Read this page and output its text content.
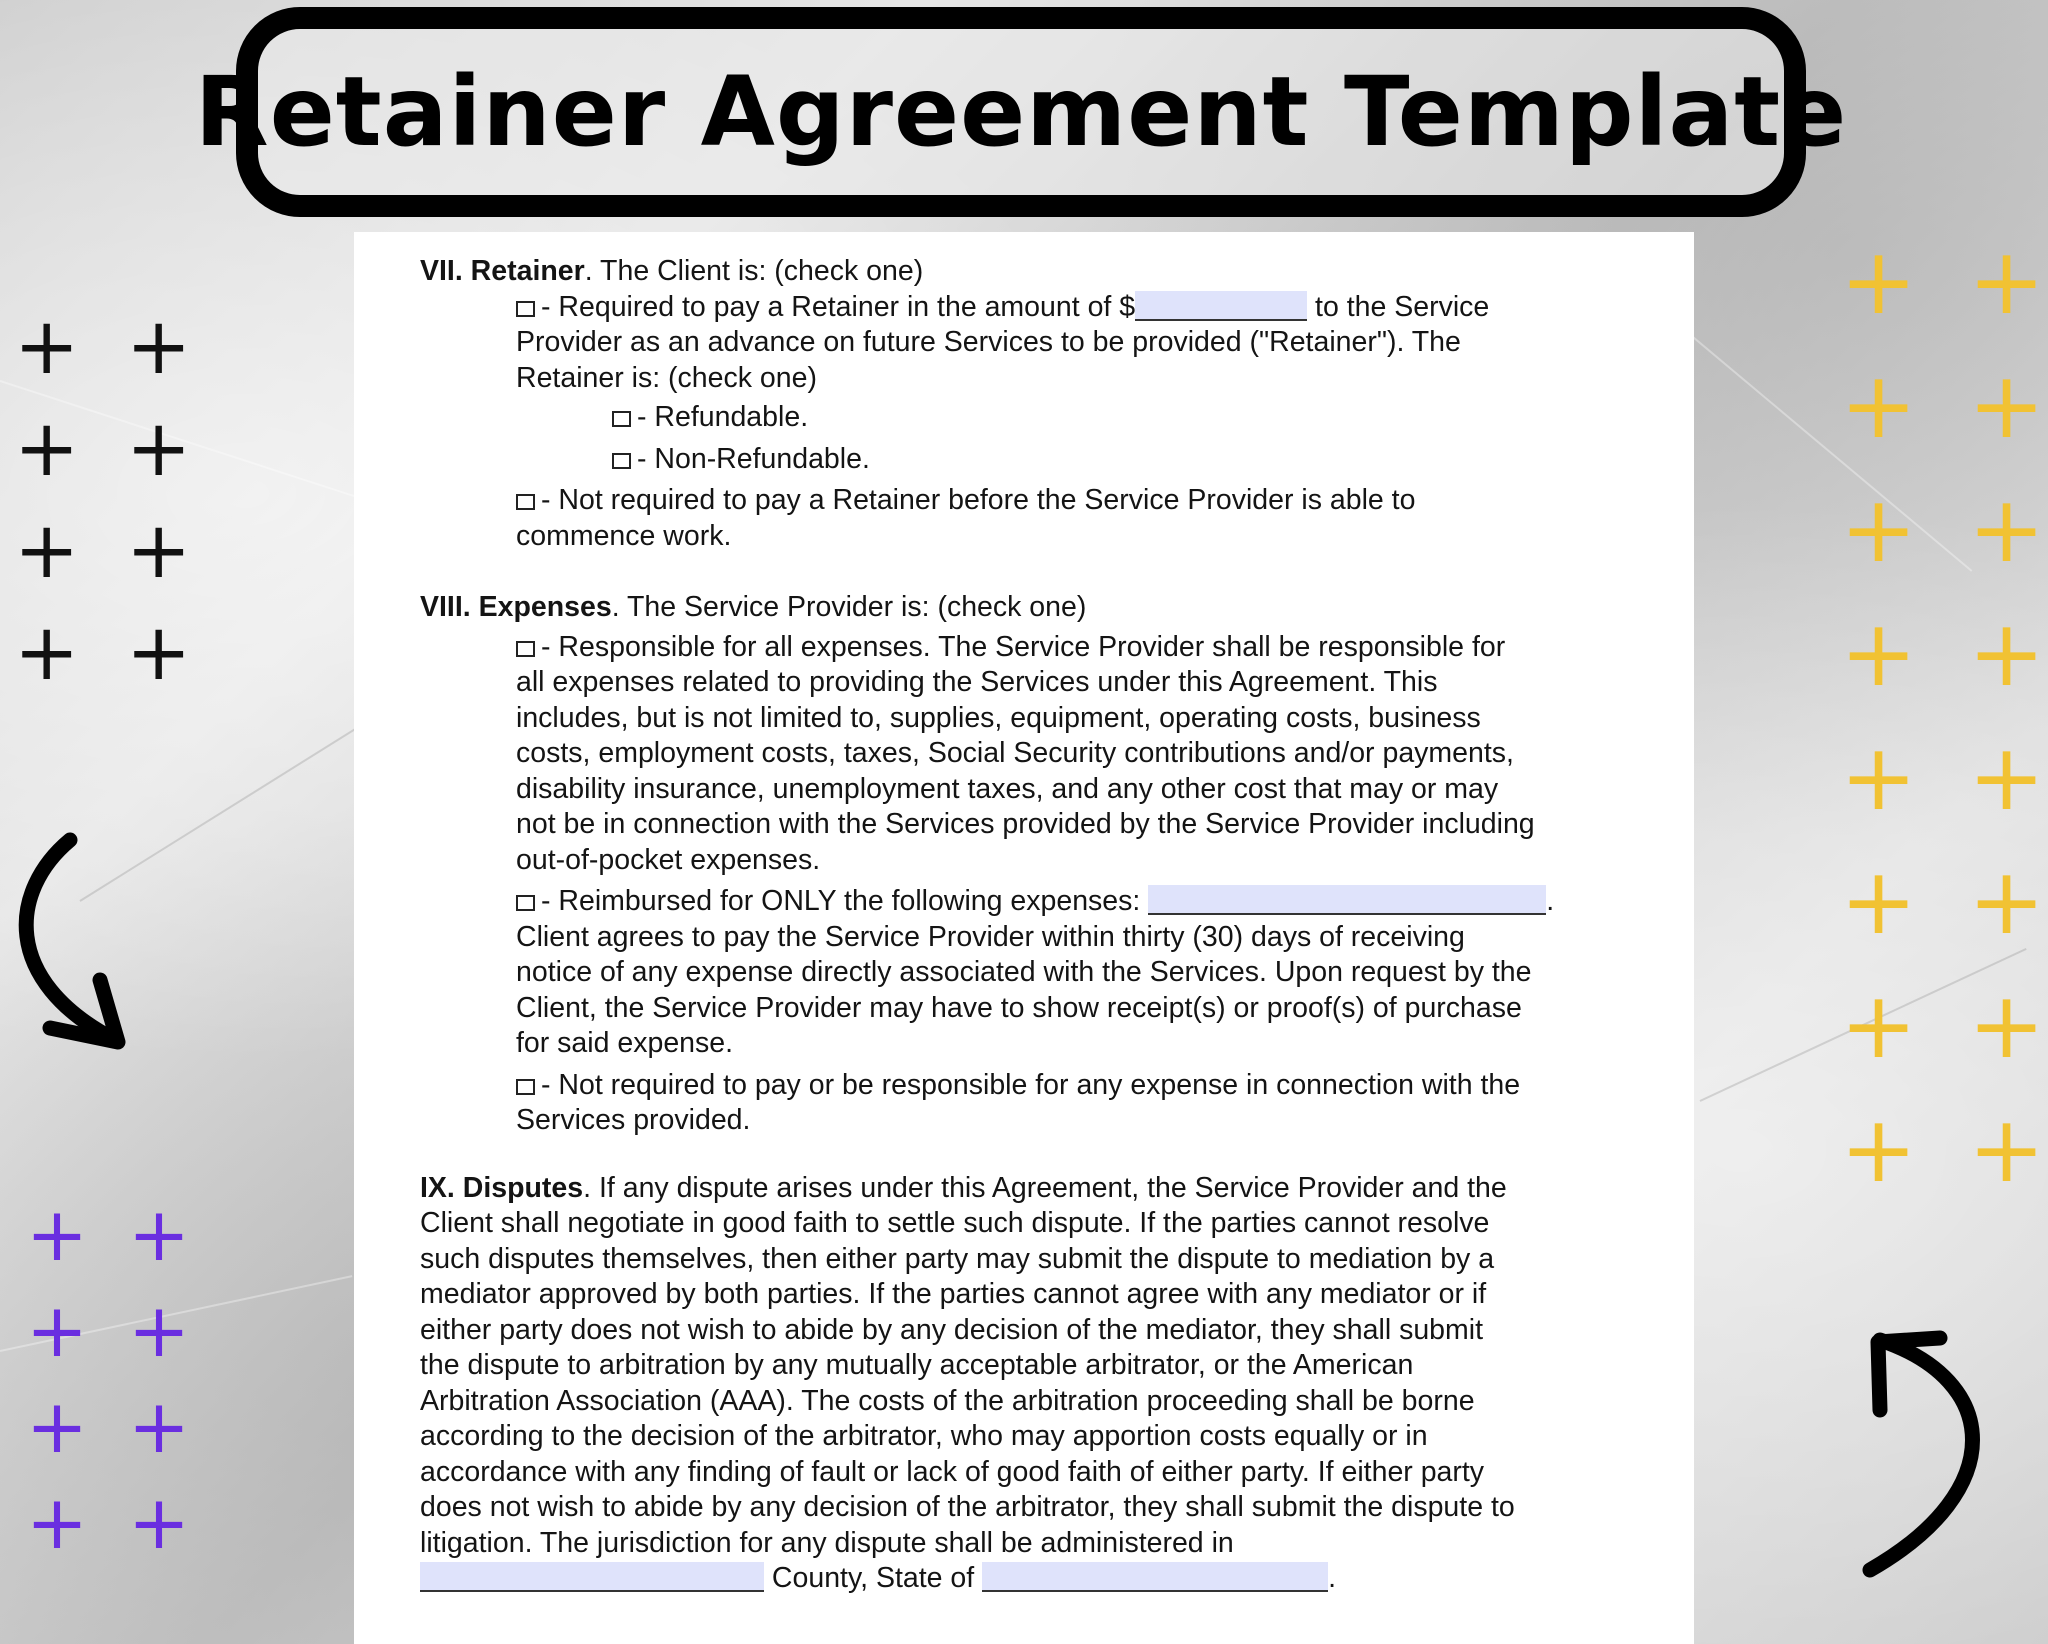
Retainer Agreement Template
+ +
+ +
+ +
+ +
+ +
+ +
+ +
+ +
+ +
+ +
+ +
+ +
+ +
+ +
+ +
+ +
VII. Retainer. The Client is: (check one)
- Required to pay a Retainer in the amount of $	to the Service
Provider as an advance on future Services to be provided ("Retainer"). The
Retainer is: (check one)
- Refundable.
- Non-Refundable.
- Not required to pay a Retainer before the Service Provider is able to
commence work.
VIII. Expenses. The Service Provider is: (check one)
- Responsible for all expenses. The Service Provider shall be responsible for
all expenses related to providing the Services under this Agreement. This
includes, but is not limited to, supplies, equipment, operating costs, business
costs, employment costs, taxes, Social Security contributions and/or payments,
disability insurance, unemployment taxes, and any other cost that may or may
not be in connection with the Services provided by the Service Provider including
out-of-pocket expenses.
- Reimbursed for ONLY the following expenses:	.
Client agrees to pay the Service Provider within thirty (30) days of receiving
notice of any expense directly associated with the Services. Upon request by the
Client, the Service Provider may have to show receipt(s) or proof(s) of purchase
for said expense.
- Not required to pay or be responsible for any expense in connection with the
Services provided.
IX. Disputes. If any dispute arises under this Agreement, the Service Provider and the
Client shall negotiate in good faith to settle such dispute. If the parties cannot resolve
such disputes themselves, then either party may submit the dispute to mediation by a
mediator approved by both parties. If the parties cannot agree with any mediator or if
either party does not wish to abide by any decision of the mediator, they shall submit
the dispute to arbitration by any mutually acceptable arbitrator, or the American
Arbitration Association (AAA). The costs of the arbitration proceeding shall be borne
according to the decision of the arbitrator, who may apportion costs equally or in
accordance with any finding of fault or lack of good faith of either party. If either party
does not wish to abide by any decision of the arbitrator, they shall submit the dispute to
litigation. The jurisdiction for any dispute shall be administered in
County, State of	.
